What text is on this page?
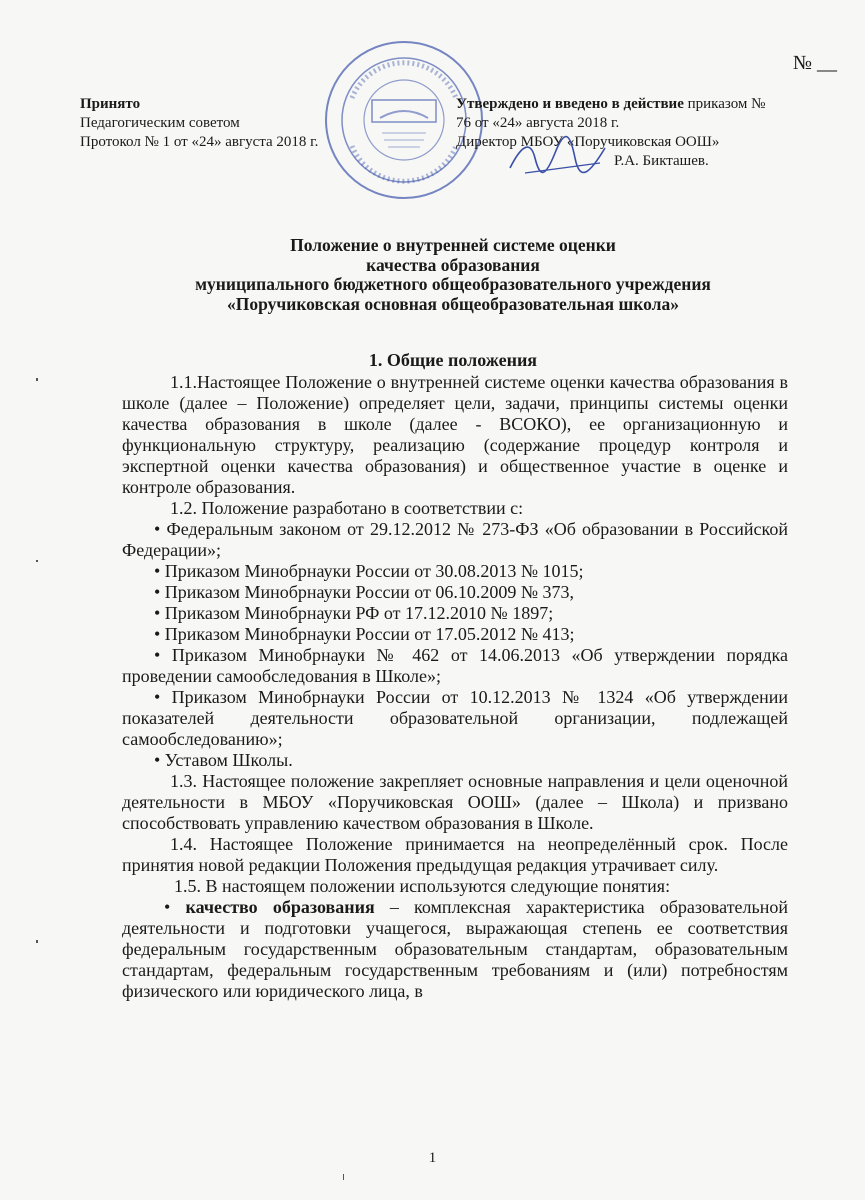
№ __
Принято
Педагогическим советом
Протокол № 1 от «24» августа 2018 г.
Утверждено и введено в действие приказом №
76 от «24» августа 2018 г.
Директор МБОУ «Поручиковская ООШ»
Р.А. Бикташев.
Положение о внутренней системе оценки
качества образования
муниципального бюджетного общеобразовательного учреждения
«Поручиковская основная общеобразовательная школа»
1. Общие положения

1.1.Настоящее Положение о внутренней системе оценки качества образования в школе (далее – Положение) определяет цели, задачи, принципы системы оценки качества образования в школе (далее - ВСОКО), ее организационную и функциональную структуру, реализацию (содержание процедур контроля и экспертной оценки качества образования) и общественное участие в оценке и контроле образования.

1.2. Положение разработано в соответствии с:

• Федеральным законом от 29.12.2012 № 273-ФЗ «Об образовании в Российской Федерации»;

• Приказом Минобрнауки России от 30.08.2013 № 1015;

• Приказом Минобрнауки России от 06.10.2009 № 373,

• Приказом Минобрнауки РФ от 17.12.2010 № 1897;

• Приказом Минобрнауки России от 17.05.2012 № 413;

• Приказом Минобрнауки № 462 от 14.06.2013 «Об утверждении порядка проведении самообследования в Школе»;

• Приказом Минобрнауки России от 10.12.2013 № 1324 «Об утверждении показателей деятельности образовательной организации, подлежащей самообследованию»;

• Уставом Школы.

1.3. Настоящее положение закрепляет основные направления и цели оценочной деятельности в МБОУ «Поручиковская ООШ» (далее – Школа) и призвано способствовать управлению качеством образования в Школе.

1.4. Настоящее Положение принимается на неопределённый срок. После принятия новой редакции Положения предыдущая редакция утрачивает силу.

1.5. В настоящем положении используются следующие понятия:

• качество образования – комплексная характеристика образовательной деятельности и подготовки учащегося, выражающая степень ее соответствия федеральным государственным образовательным стандартам, образовательным стандартам, федеральным государственным требованиям и (или) потребностям физического или юридического лица, в

1
